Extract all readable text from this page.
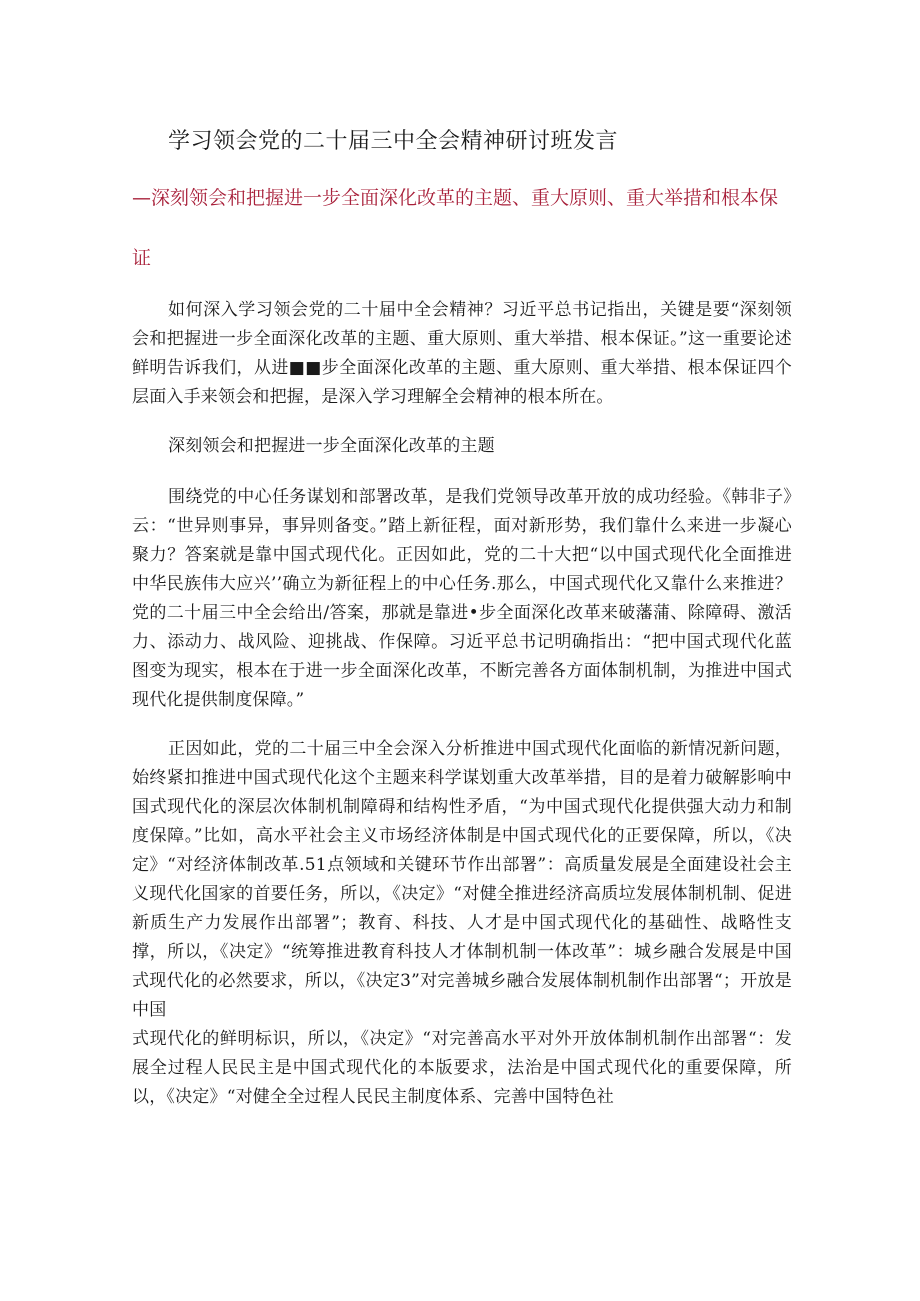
学习领会党的二十届三中全会精神研讨班发言
—深刻领会和把握进一步全面深化改革的主题、重大原则、重大举措和根本保证

如何深入学习领会党的二十届中全会精神？习近平总书记指出，关键是要“深刻领会和把握进一步全面深化改革的主题、重大原则、重大举措、根本保证。”这一重要论述鲜明告诉我们，从进■■步全面深化改革的主题、重大原则、重大举措、根本保证四个层面入手来领会和把握，是深入学习理解全会精神的根本所在。

深刻领会和把握进一步全面深化改革的主题

围绕党的中心任务谋划和部署改革，是我们党领导改革开放的成功经验。《韩非子》云：“世异则事异，事异则备变。”踏上新征程，面对新形势，我们靠什么来进一步凝心聚力？答案就是靠中国式现代化。正因如此，党的二十大把“以中国式现代化全面推进中华民族伟大应兴’’确立为新征程上的中心任务.那么，中国式现代化又靠什么来推进？党的二十届三中全会给出/答案，那就是靠进•步全面深化改革来破藩蒲、除障碍、激活力、添动力、战风险、迎挑战、作保障。习近平总书记明确指出：“把中国式现代化蓝图变为现实，根本在于进一步全面深化改革，不断完善各方面体制机制，为推进中国式现代化提供制度保障。”

正因如此，党的二十届三中全会深入分析推进中国式现代化面临的新情况新问题，始终紧扣推进中国式现代化这个主题来科学谋划重大改革举措，目的是着力破解影响中国式现代化的深层次体制机制障碍和结构性矛盾，“为中国式现代化提供强大动力和制度保障。”比如，高水平社会主义市场经济体制是中国式现代化的正要保障，所以，《决定》“对经济体制改革.51点领域和关键环节作出部署”：高质量发展是全面建设社会主义现代化国家的首要任务，所以，《决定》“对健全推进经济高质垃发展体制机制、促进新质生产力发展作出部署”；教育、科技、人才是中国式现代化的基础性、战略性支撑，所以，《决定》“统筹推进教育科技人才体制机制一体改革”：城乡融合发展是中国式现代化的必然要求，所以，《决定3”对完善城乡融合发展体制机制作出部署“；开放是中国

式现代化的鲜明标识，所以，《决定》“对完善高水平对外开放体制机制作出部署“：发展全过程人民民主是中国式现代化的本版要求，法治是中国式现代化的重要保障，所以，《决定》“对健全全过程人民民主制度体系、完善中国特色社
